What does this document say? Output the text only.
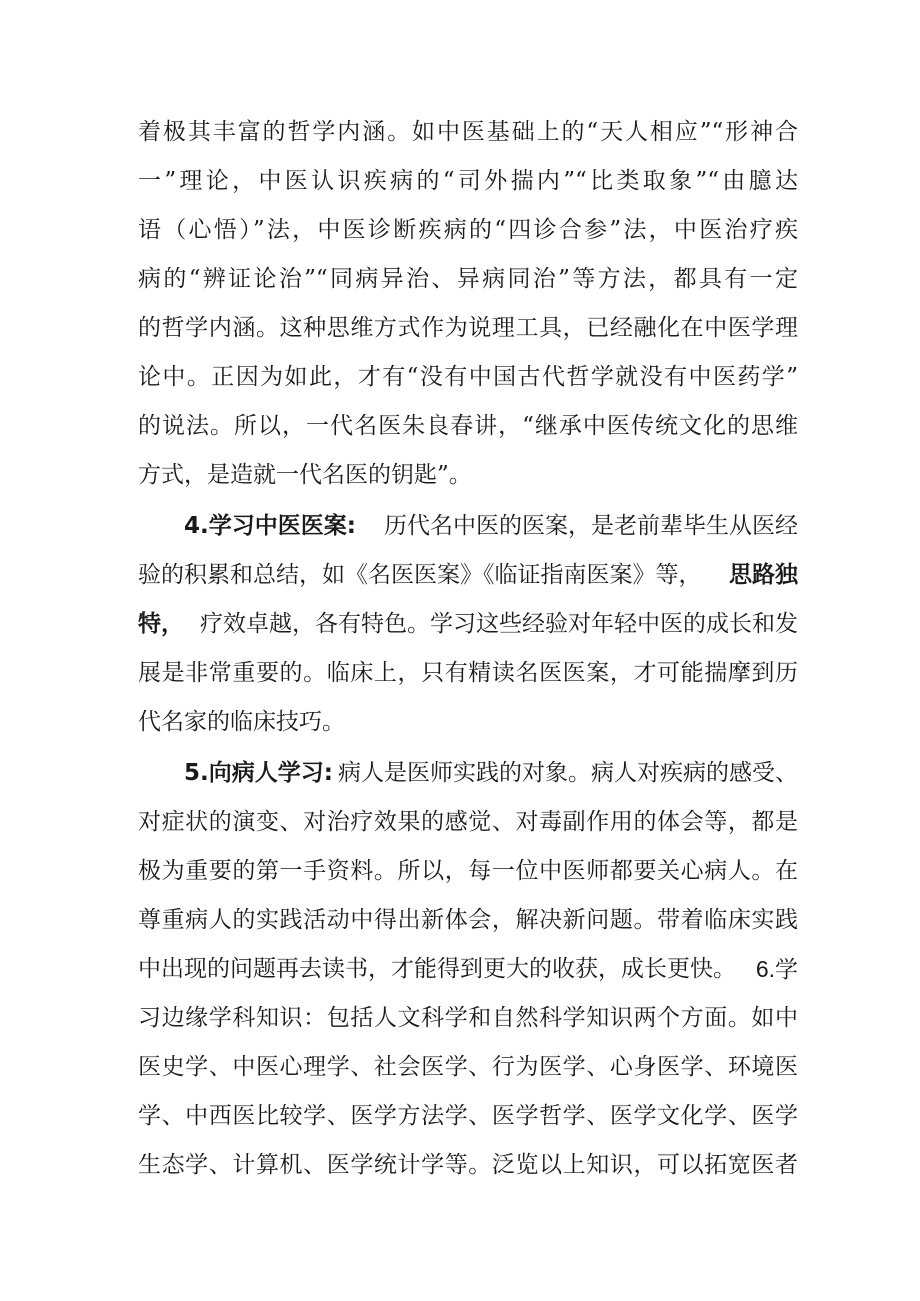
着极其丰富的哲学内涵。如中医基础上的“天人相应”“形神合
一”理论，中医认识疾病的“司外揣内”“比类取象”“由臆达
语（心悟）”法，中医诊断疾病的“四诊合参”法，中医治疗疾
病的“辨证论治”“同病异治、异病同治”等方法，都具有一定
的哲学内涵。这种思维方式作为说理工具，已经融化在中医学理
论中。正因为如此，才有“没有中国古代哲学就没有中医药学”
的说法。所以，一代名医朱良春讲，“继承中医传统文化的思维
方式，是造就一代名医的钥匙”。
4.学习中医医案: 历代名中医的医案，是老前辈毕生从医经
验的积累和总结，如《名医医案》《临证指南医案》等， 思路独
特， 疗效卓越，各有特色。学习这些经验对年轻中医的成长和发
展是非常重要的。临床上，只有精读名医医案，才可能揣摩到历
代名家的临床技巧。
5.向病人学习: 病人是医师实践的对象。病人对疾病的感受、
对症状的演变、对治疗效果的感觉、对毒副作用的体会等，都是
极为重要的第一手资料。所以，每一位中医师都要关心病人。在
尊重病人的实践活动中得出新体会，解决新问题。带着临床实践
中出现的问题再去读书，才能得到更大的收获，成长更快。 6.学
习边缘学科知识：包括人文科学和自然科学知识两个方面。如中
医史学、中医心理学、社会医学、行为医学、心身医学、环境医
学、中西医比较学、医学方法学、医学哲学、医学文化学、医学
生态学、计算机、医学统计学等。泛览以上知识，可以拓宽医者
